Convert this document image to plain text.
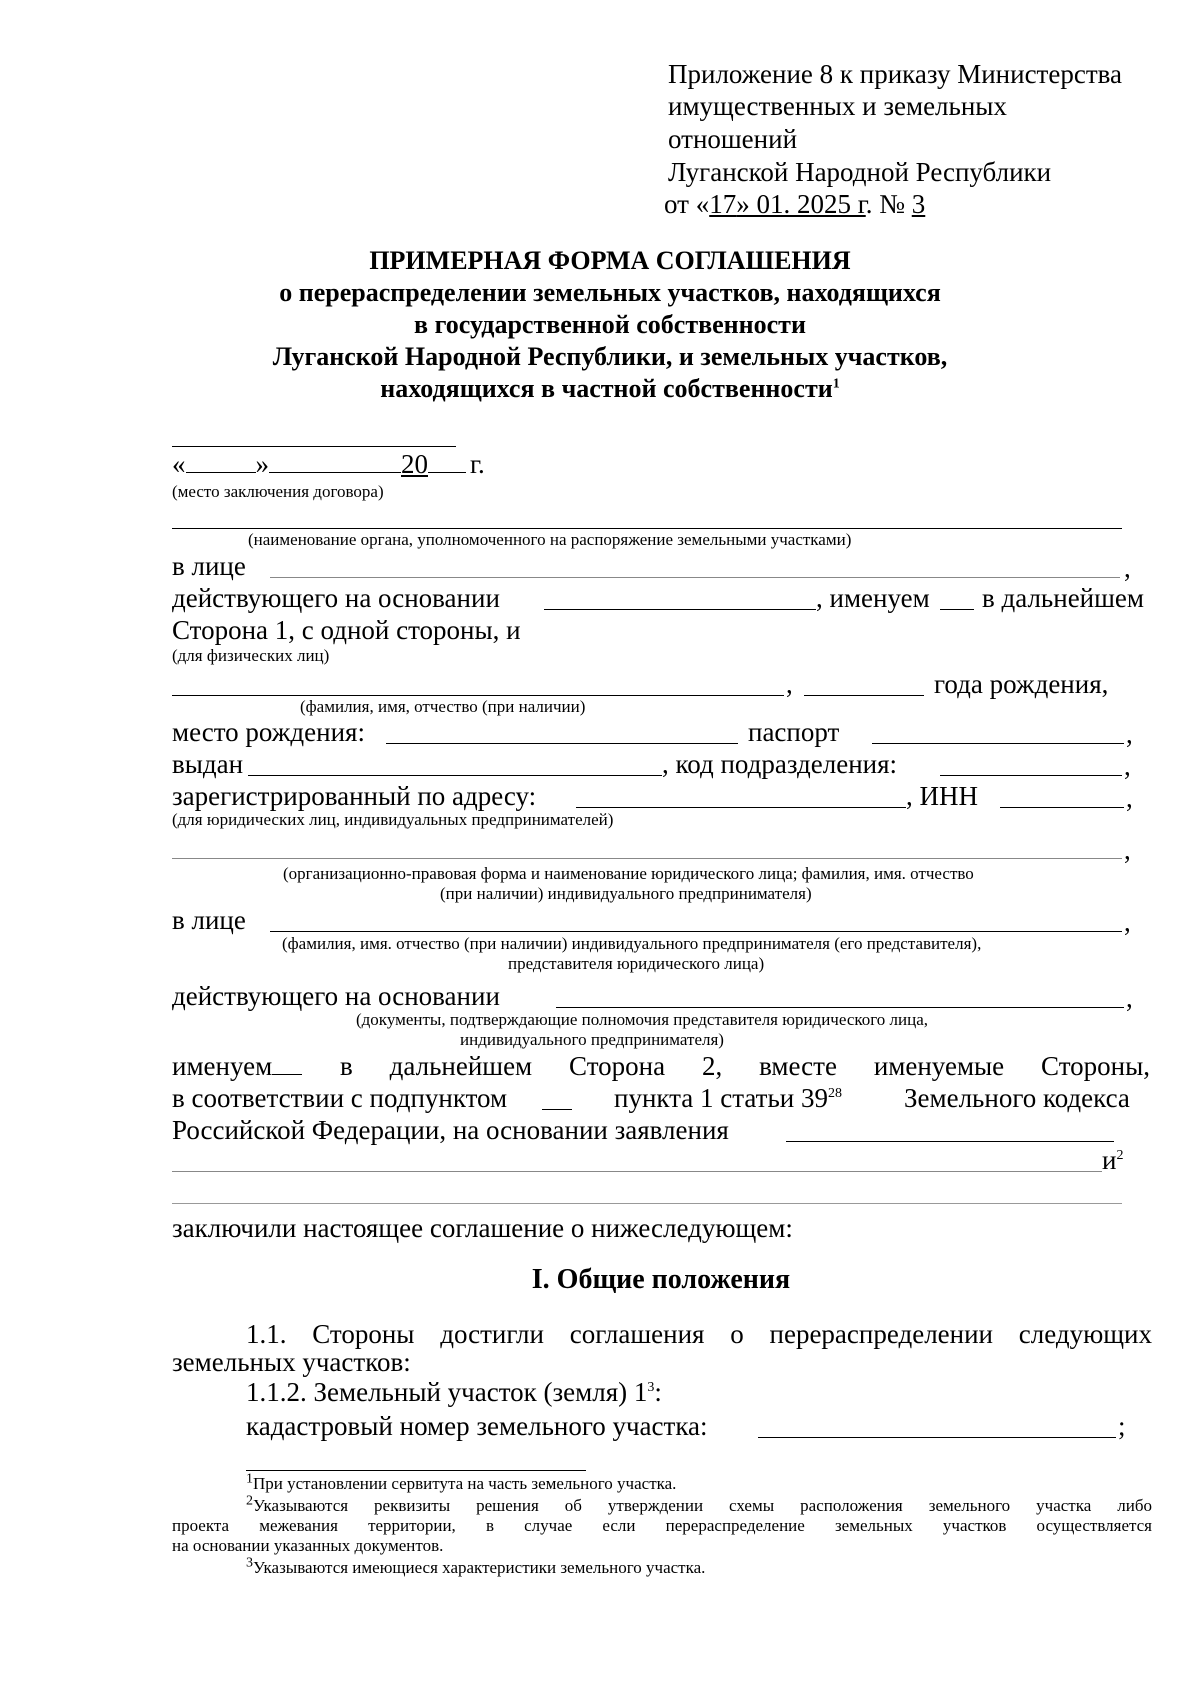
Приложение 8 к приказу Министерства
имущественных и земельных
отношений
Луганской Народной Республики
от «17» 01. 2025 г. № 3
ПРИМЕРНАЯ ФОРМА СОГЛАШЕНИЯ
о перераспределении земельных участков, находящихся
в государственной собственности
Луганской Народной Республики, и земельных участков,
находящихся в частной собственности$^1$
«	»	20 г.
(место заключения договора)
(наименование органа, уполномоченного на распоряжение земельными участками)
в лице	,
действующего на основании	, именуем в дальнейшем
Сторона 1, с одной стороны, и
(для физических лиц)
,	года рождения,
(фамилия, имя, отчество (при наличии)
место рождения:	паспорт	,
выдан	, код подразделения:	,
зарегистрированный по адресу:	, ИНН	,
(для юридических лиц, индивидуальных предпринимателей)
,
(организационно-правовая форма и наименование юридического лица; фамилия, имя. отчество
(при наличии) индивидуального предпринимателя)
в лице	,
(фамилия, имя. отчество (при наличии) индивидуального предпринимателя (его представителя),
представителя юридического лица)
действующего на основании	,
(документы, подтверждающие полномочия представителя юридического лица,
индивидуального предпринимателя)
именуем	в дальнейшем Сторона 2, вместе именуемые Стороны,
в соответствии с подпунктом	пункта 1 статьи $39^{28}$ Земельного кодекса
Российской Федерации, на основании заявления
$и^2$
заключили настоящее соглашение о нижеследующем:
I. Общие положения
1.1. Стороны достигли соглашения о перераспределении следующих
земельных участков:
1.1.2. Земельный участок (земля) $1^3$:
кадастровый номер земельного участка:	;
$^1$При установлении сервитута на часть земельного участка.
$^2$Указываются реквизиты решения об утверждении схемы расположения земельного участка либо
проекта межевания территории, в случае если перераспределение земельных участков осуществляется
на основании указанных документов.
$^3$Указываются имеющиеся характеристики земельного участка.
